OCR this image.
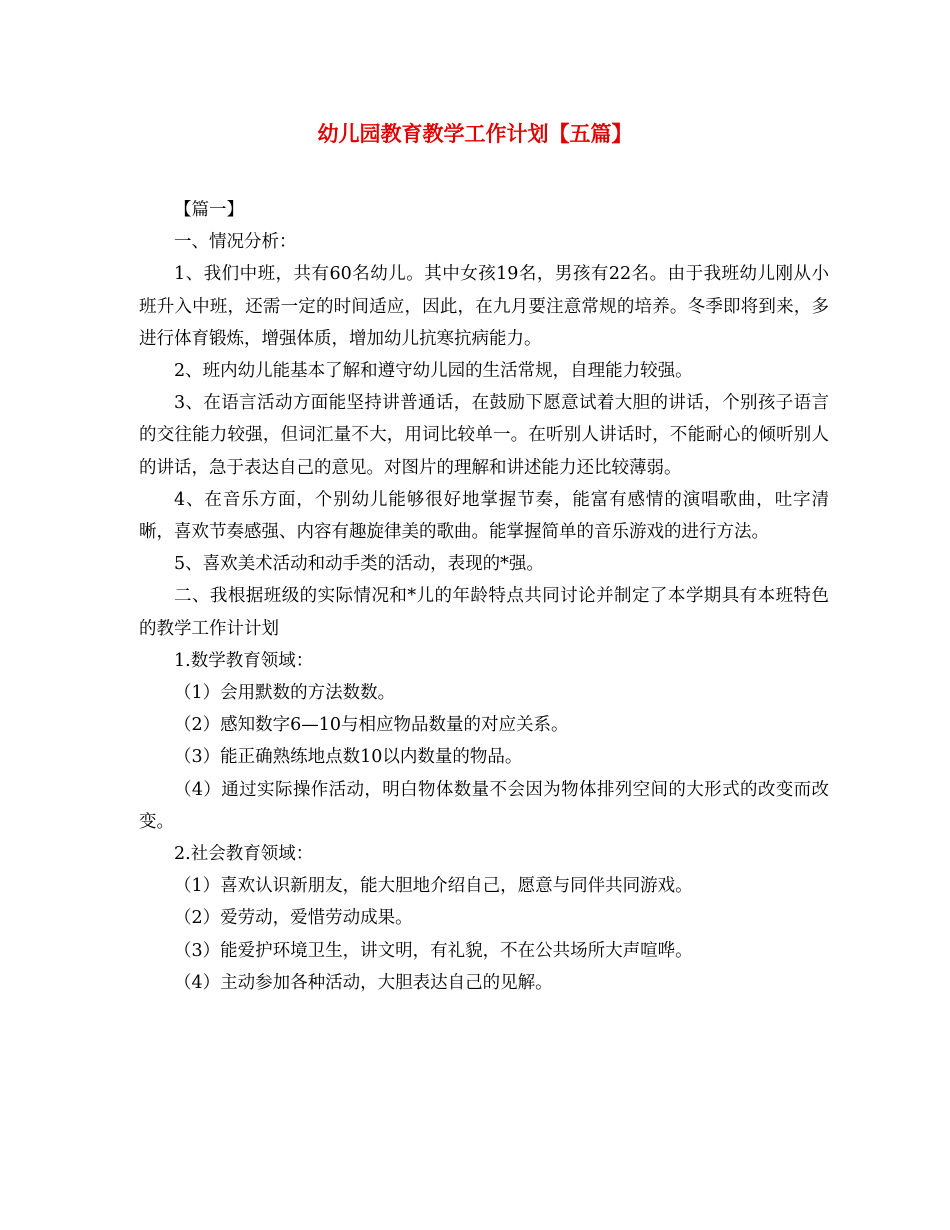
幼儿园教育教学工作计划【五篇】

【篇一】

一、情况分析：

1、我们中班，共有60名幼儿。其中女孩19名，男孩有22名。由于我班幼儿刚从小班升入中班，还需一定的时间适应，因此，在九月要注意常规的培养。冬季即将到来，多进行体育锻炼，增强体质，增加幼儿抗寒抗病能力。

2、班内幼儿能基本了解和遵守幼儿园的生活常规，自理能力较强。

3、在语言活动方面能坚持讲普通话，在鼓励下愿意试着大胆的讲话，个别孩子语言的交往能力较强，但词汇量不大，用词比较单一。在听别人讲话时，不能耐心的倾听别人的讲话，急于表达自己的意见。对图片的理解和讲述能力还比较薄弱。

4、在音乐方面，个别幼儿能够很好地掌握节奏，能富有感情的演唱歌曲，吐字清晰，喜欢节奏感强、内容有趣旋律美的歌曲。能掌握简单的音乐游戏的进行方法。

5、喜欢美术活动和动手类的活动，表现的*强。

二、我根据班级的实际情况和*儿的年龄特点共同讨论并制定了本学期具有本班特色的教学工作计计划

1.数学教育领域：

（1）会用默数的方法数数。

（2）感知数字6—10与相应物品数量的对应关系。

（3）能正确熟练地点数10以内数量的物品。

（4）通过实际操作活动，明白物体数量不会因为物体排列空间的大形式的改变而改变。

2.社会教育领域：

（1）喜欢认识新朋友，能大胆地介绍自己，愿意与同伴共同游戏。

（2）爱劳动，爱惜劳动成果。

（3）能爱护环境卫生，讲文明，有礼貌，不在公共场所大声喧哗。

（4）主动参加各种活动，大胆表达自己的见解。
